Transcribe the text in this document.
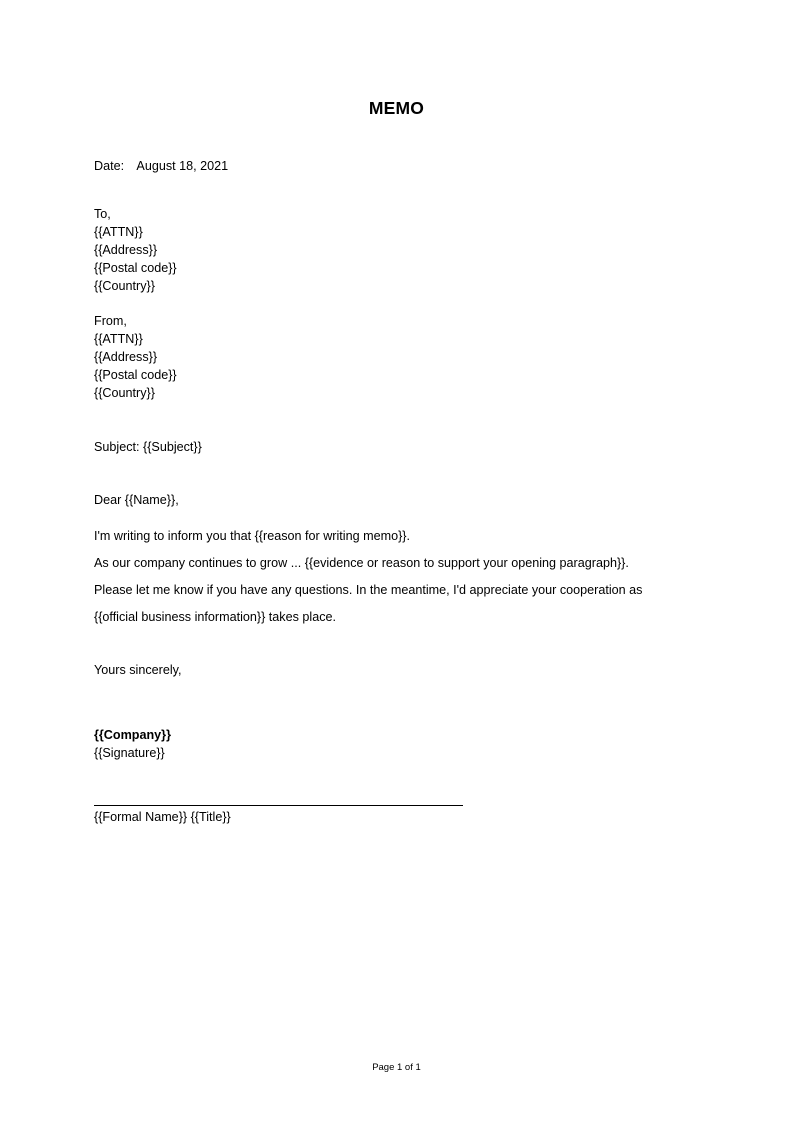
MEMO
Date: August 18, 2021
To,
{{ATTN}}
{{Address}}
{{Postal code}}
{{Country}}
From,
{{ATTN}}
{{Address}}
{{Postal code}}
{{Country}}
Subject: {{Subject}}
Dear {{Name}},
I'm writing to inform you that {{reason for writing memo}}.
As our company continues to grow ... {{evidence or reason to support your opening paragraph}}.
Please let me know if you have any questions. In the meantime, I'd appreciate your cooperation as
{{official business information}} takes place.
Yours sincerely,
{{Company}}
{{Signature}}
{{Formal Name}} {{Title}}
Page 1 of 1
